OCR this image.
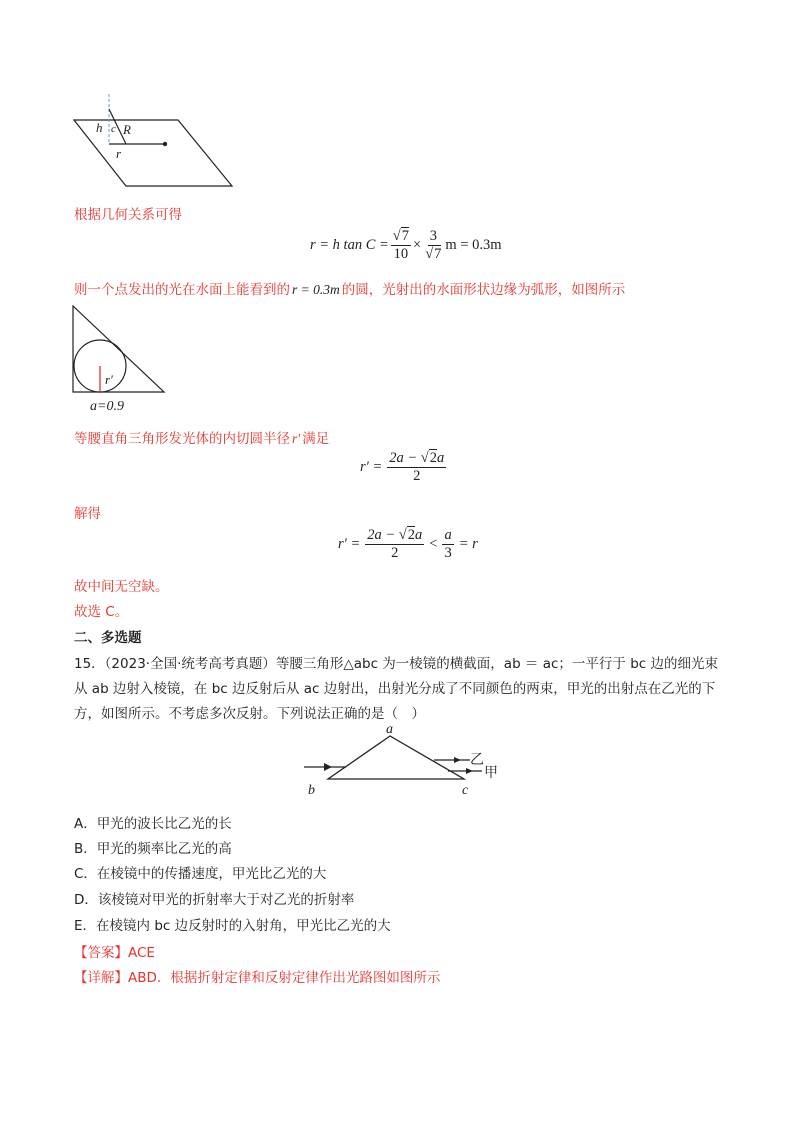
h c R
r
根据几何关系可得
r = h $\tan C = \frac{√7}{10} \times \frac{3}{√7}$ m = 0.3m
则一个点发出的光在水面上能看到的 r = 0.3m 的圆，光射出的水面形状边缘为弧形，如图所示
r′
a=0.9
等腰直角三角形发光体的内切圆半径 r′ 满足
$r' = \frac{2a - √2a}{2}$
解得
$r' = \frac{2a - √2a}{2} < \frac{a}{3} = r$
故中间无空缺。
故选 C。
二、多选题
15．（2023·全国·统考高考真题）等腰三角形△abc 为一棱镜的横截面，ab ＝ ac；一平行于 bc 边的细光束
从 ab 边射入棱镜，在 bc 边反射后从 ac 边射出，出射光分成了不同颜色的两束，甲光的出射点在乙光的下
方，如图所示。不考虑多次反射。下列说法正确的是（　）
a
b	c
乙
甲
A．甲光的波长比乙光的长
B．甲光的频率比乙光的高
C．在棱镜中的传播速度，甲光比乙光的大
D．该棱镜对甲光的折射率大于对乙光的折射率
E．在棱镜内 bc 边反射时的入射角，甲光比乙光的大
【答案】ACE
【详解】ABD．根据折射定律和反射定律作出光路图如图所示
